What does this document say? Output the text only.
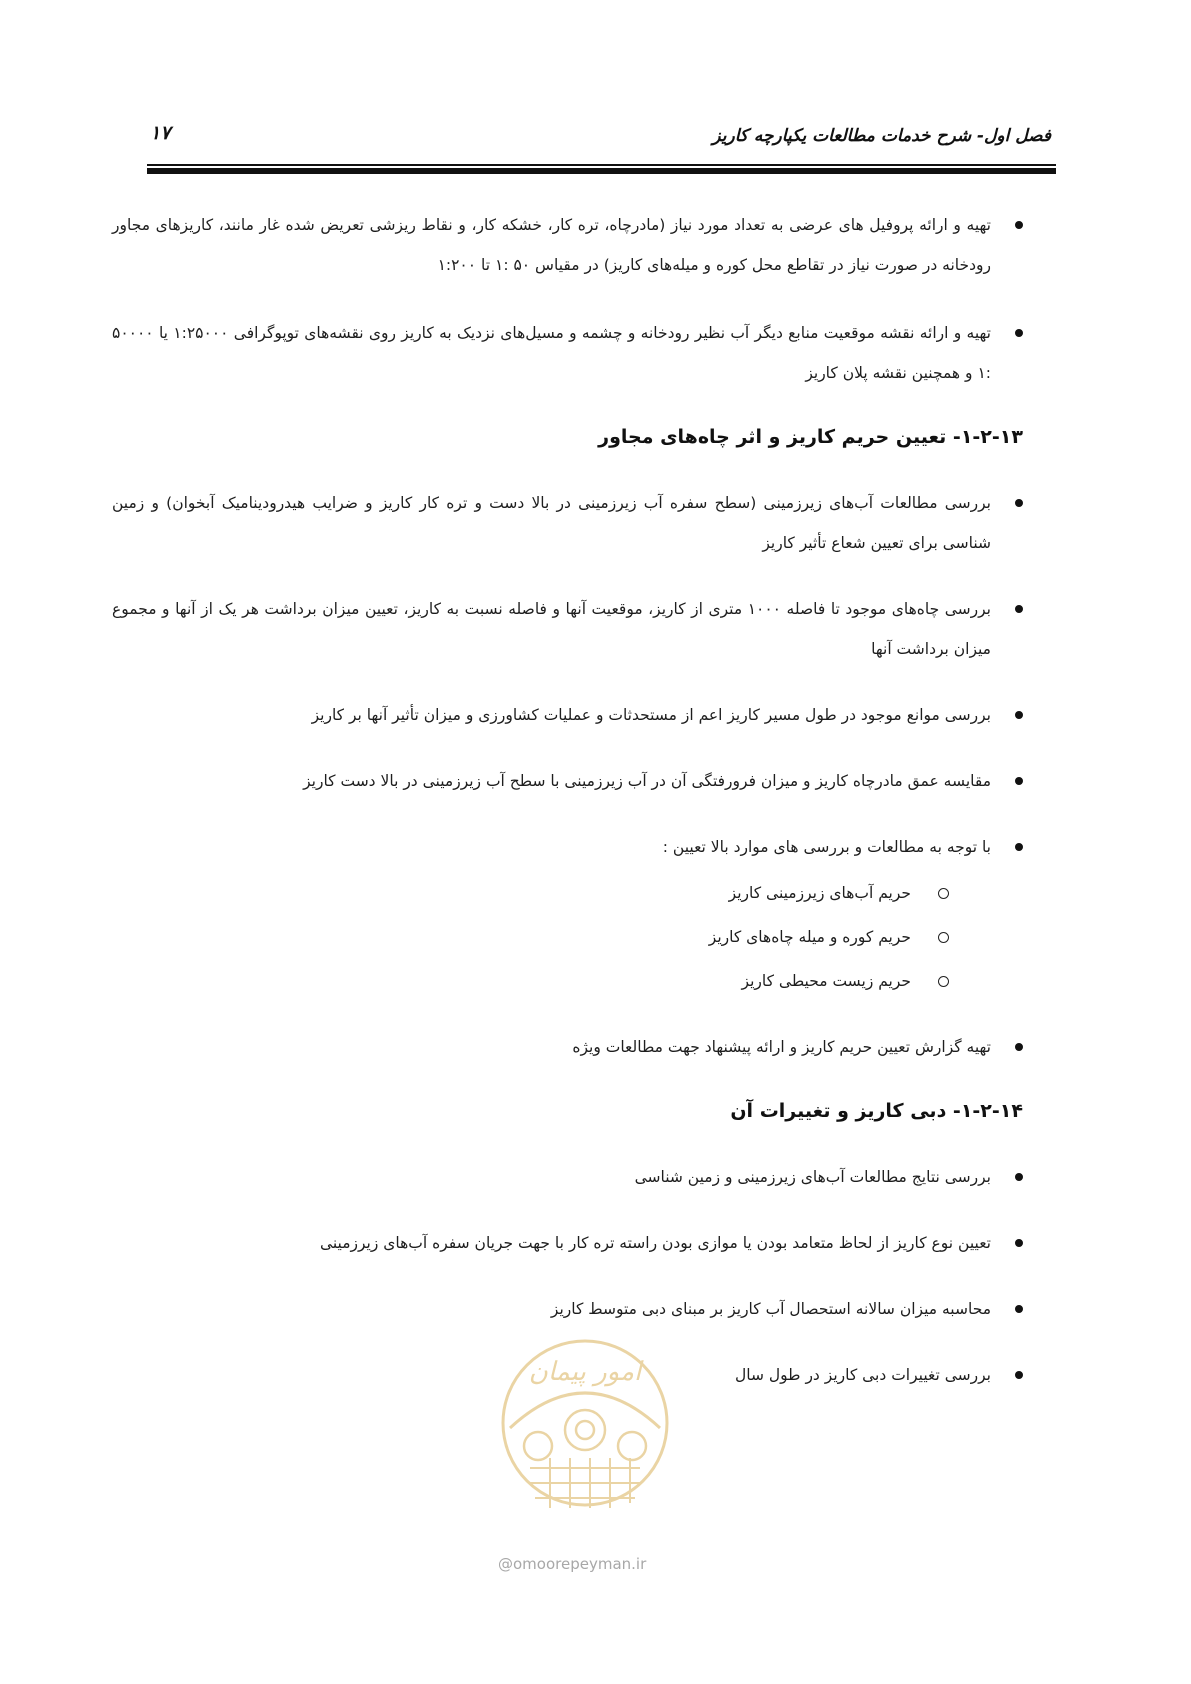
فصل اول- شرح خدمات مطالعات یکپارچه کاریز
۱۷

تهیه و ارائه پروفیل های عرضی به تعداد مورد نیاز (مادرچاه، تره کار، خشکه کار، و نقاط ریزشی تعریض شده غار مانند، کاریزهای مجاور رودخانه در صورت نیاز در تقاطع محل کوره و میله‌های کاریز) در مقیاس ۵۰ :۱ تا ۱:۲۰۰

تهیه و ارائه نقشه موقعیت منابع دیگر آب نظیر رودخانه و چشمه و مسیل‌های نزدیک به کاریز روی نقشه‌های توپوگرافی ۱:۲۵۰۰۰ یا ۵۰۰۰۰ :۱ و همچنین نقشه پلان کاریز

۱-۲-۱۳- تعیین حریم کاریز و اثر چاه‌های مجاور

بررسی مطالعات آب‌های زیرزمینی (سطح سفره آب زیرزمینی در بالا دست و تره کار کاریز و ضرایب هیدرودینامیک آبخوان) و زمین شناسی برای تعیین شعاع تأثیر کاریز

بررسی چاه‌های موجود تا فاصله ۱۰۰۰ متری از کاریز، موقعیت آنها و فاصله نسبت به کاریز، تعیین میزان برداشت هر یک از آنها و مجموع میزان برداشت آنها

بررسی موانع موجود در طول مسیر کاریز اعم از مستحدثات و عملیات کشاورزی و میزان تأثیر آنها بر کاریز

مقایسه عمق مادرچاه کاریز و میزان فرورفتگی آن در آب زیرزمینی با سطح آب زیرزمینی در بالا دست کاریز

با توجه به مطالعات و بررسی های موارد بالا تعیین :

حریم آب‌های زیرزمینی کاریز

حریم کوره و میله چاه‌های کاریز

حریم زیست محیطی کاریز

تهیه گزارش تعیین حریم کاریز و ارائه پیشنهاد جهت مطالعات ویژه

۱-۲-۱۴- دبی کاریز و تغییرات آن

بررسی نتایج مطالعات آب‌های زیرزمینی و زمین شناسی

تعیین نوع کاریز از لحاظ متعامد بودن یا موازی بودن راسته تره کار با جهت جریان سفره آب‌های زیرزمینی

محاسبه میزان سالانه استحصال آب کاریز بر مبنای دبی متوسط کاریز

بررسی تغییرات دبی کاریز در طول سال

امور پیمان
@omoorepeyman.ir
